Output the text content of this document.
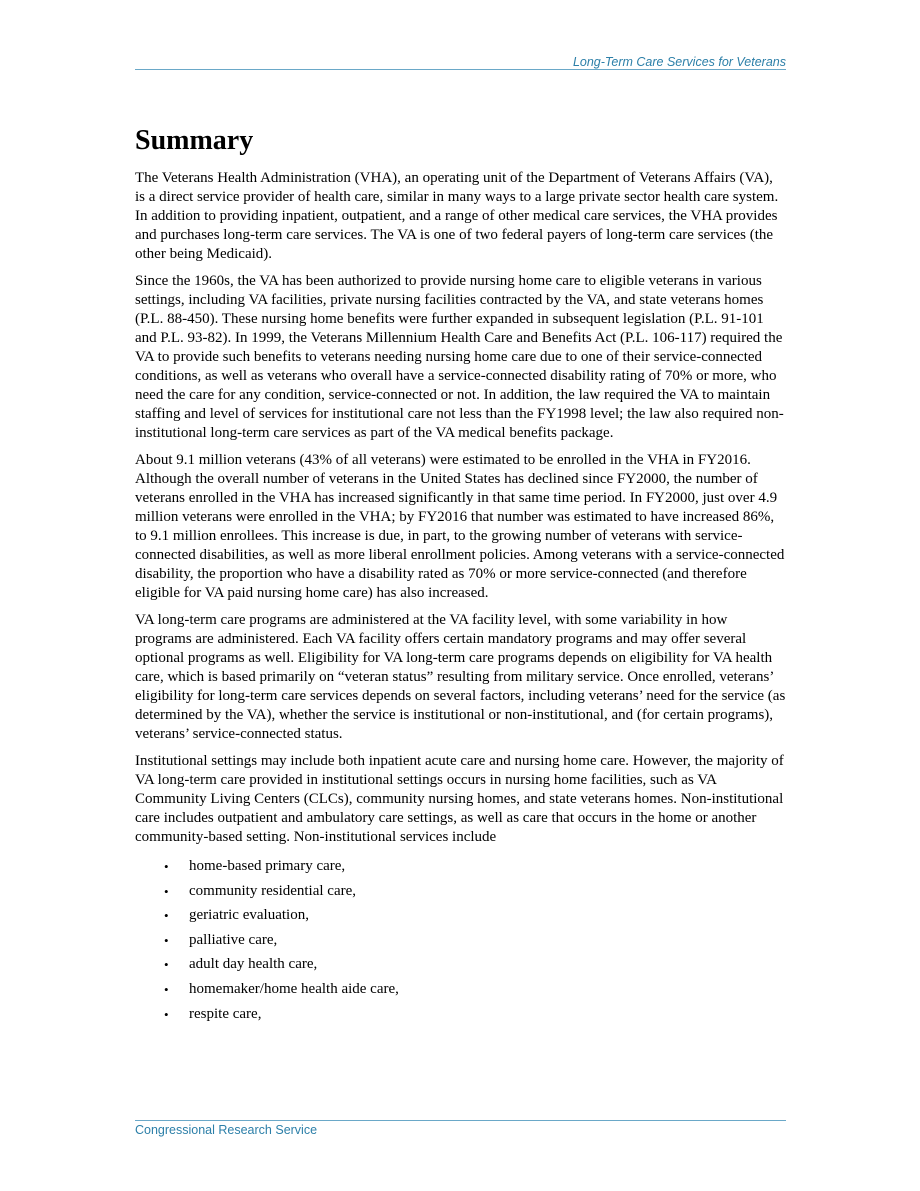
Long-Term Care Services for Veterans
Summary

The Veterans Health Administration (VHA), an operating unit of the Department of Veterans Affairs (VA), is a direct service provider of health care, similar in many ways to a large private sector health care system. In addition to providing inpatient, outpatient, and a range of other medical care services, the VHA provides and purchases long-term care services. The VA is one of two federal payers of long-term care services (the other being Medicaid).

Since the 1960s, the VA has been authorized to provide nursing home care to eligible veterans in various settings, including VA facilities, private nursing facilities contracted by the VA, and state veterans homes (P.L. 88-450). These nursing home benefits were further expanded in subsequent legislation (P.L. 91-101 and P.L. 93-82). In 1999, the Veterans Millennium Health Care and Benefits Act (P.L. 106-117) required the VA to provide such benefits to veterans needing nursing home care due to one of their service-connected conditions, as well as veterans who overall have a service-connected disability rating of 70% or more, who need the care for any condition, service-connected or not. In addition, the law required the VA to maintain staffing and level of services for institutional care not less than the FY1998 level; the law also required non-institutional long-term care services as part of the VA medical benefits package.

About 9.1 million veterans (43% of all veterans) were estimated to be enrolled in the VHA in FY2016. Although the overall number of veterans in the United States has declined since FY2000, the number of veterans enrolled in the VHA has increased significantly in that same time period. In FY2000, just over 4.9 million veterans were enrolled in the VHA; by FY2016 that number was estimated to have increased 86%, to 9.1 million enrollees. This increase is due, in part, to the growing number of veterans with service-connected disabilities, as well as more liberal enrollment policies. Among veterans with a service-connected disability, the proportion who have a disability rated as 70% or more service-connected (and therefore eligible for VA paid nursing home care) has also increased.

VA long-term care programs are administered at the VA facility level, with some variability in how programs are administered. Each VA facility offers certain mandatory programs and may offer several optional programs as well. Eligibility for VA long-term care programs depends on eligibility for VA health care, which is based primarily on “veteran status” resulting from military service. Once enrolled, veterans’ eligibility for long-term care services depends on several factors, including veterans’ need for the service (as determined by the VA), whether the service is institutional or non-institutional, and (for certain programs), veterans’ service-connected status.

Institutional settings may include both inpatient acute care and nursing home care. However, the majority of VA long-term care provided in institutional settings occurs in nursing home facilities, such as VA Community Living Centers (CLCs), community nursing homes, and state veterans homes. Non-institutional care includes outpatient and ambulatory care settings, as well as care that occurs in the home or another community-based setting. Non-institutional services include

• home-based primary care,
• community residential care,
• geriatric evaluation,
• palliative care,
• adult day health care,
• homemaker/home health aide care,
• respite care,
Congressional Research Service
